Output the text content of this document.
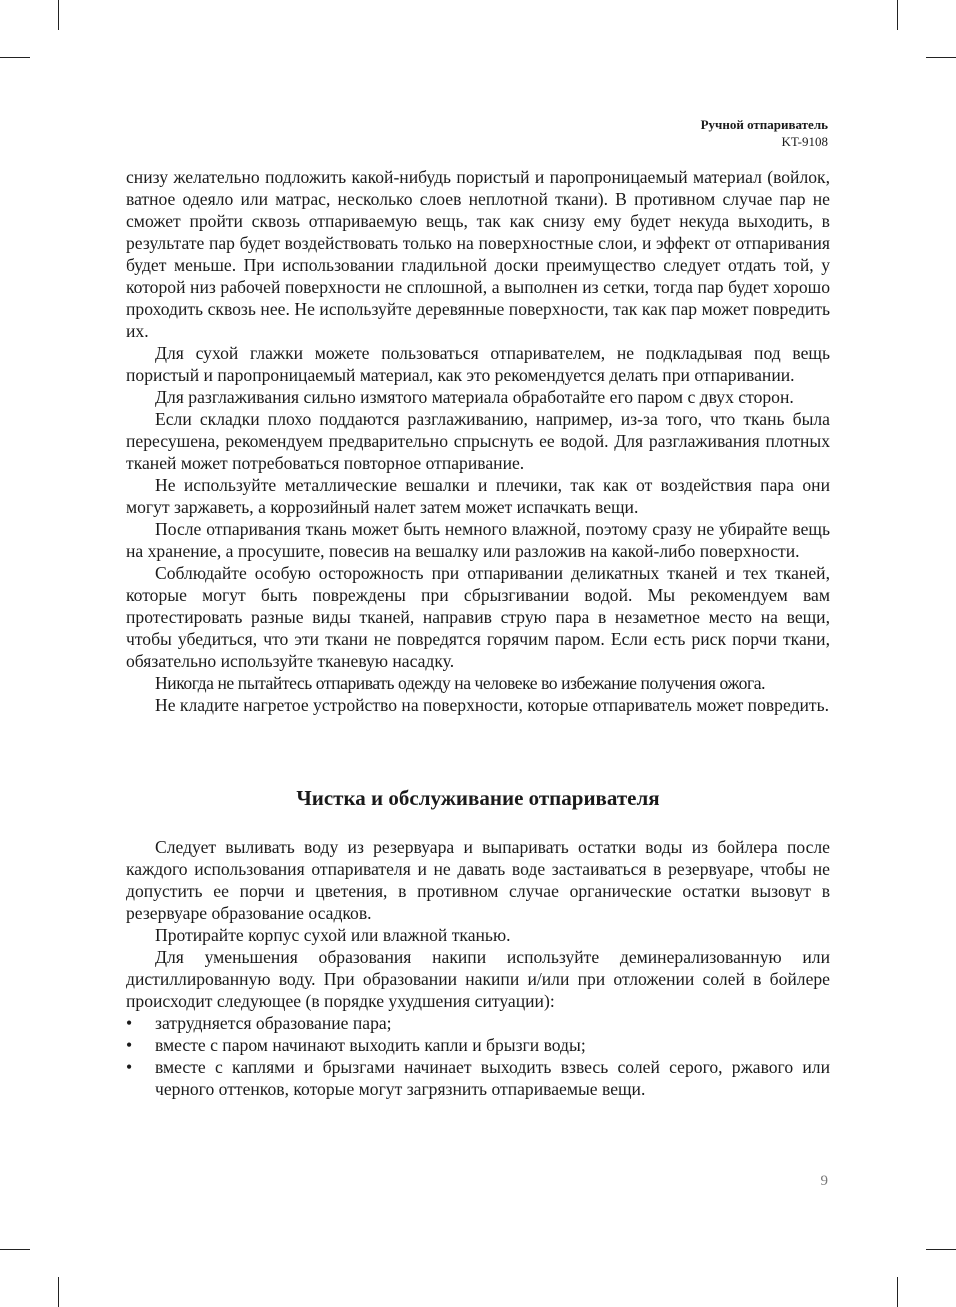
Ручной отпариватель
KT-9108

снизу желательно подложить какой-нибудь пористый и паропроницаемый материал (войлок, ватное одеяло или матрас, несколько слоев неплотной ткани). В противном случае пар не сможет пройти сквозь отпариваемую вещь, так как снизу ему будет некуда выходить, в результате пар будет воздействовать только на поверхностные слои, и эффект от отпаривания будет меньше. При использовании гладильной доски преимущество следует отдать той, у которой низ рабочей поверхности не сплошной, а выполнен из сетки, тогда пар будет хорошо проходить сквозь нее. Не используйте деревянные поверхности, так как пар может повредить их.

Для сухой глажки можете пользоваться отпаривателем, не подкладывая под вещь пористый и паропроницаемый материал, как это рекомендуется делать при отпаривании.

Для разглаживания сильно измятого материала обработайте его паром с двух сторон.

Если складки плохо поддаются разглаживанию, например, из-за того, что ткань была пересушена, рекомендуем предварительно спрыснуть ее водой. Для разглаживания плотных тканей может потребоваться повторное отпаривание.

Не используйте металлические вешалки и плечики, так как от воздействия пара они могут заржаветь, а коррозийный налет затем может испачкать вещи.

После отпаривания ткань может быть немного влажной, поэтому сразу не убирайте вещь на хранение, а просушите, повесив на вешалку или разложив на какой-либо поверхности.

Соблюдайте особую осторожность при отпаривании деликатных тканей и тех тканей, которые могут быть повреждены при сбрызгивании водой. Мы рекомендуем вам протестировать разные виды тканей, направив струю пара в незаметное место на вещи, чтобы убедиться, что эти ткани не повредятся горячим паром. Если есть риск порчи ткани, обязательно используйте тканевую насадку.

Никогда не пытайтесь отпаривать одежду на человеке во избежание получения ожога.

Не кладите нагретое устройство на поверхности, которые отпариватель может повредить.

Чистка и обслуживание отпаривателя

Следует выливать воду из резервуара и выпаривать остатки воды из бойлера после каждого использования отпаривателя и не давать воде застаиваться в резервуаре, чтобы не допустить ее порчи и цветения, в противном случае органические остатки вызовут в резервуаре образование осадков.

Протирайте корпус сухой или влажной тканью.

Для уменьшения образования накипи используйте деминерализованную или дистиллированную воду. При образовании накипи и/или при отложении солей в бойлере происходит следующее (в порядке ухудшения ситуации):

•	затрудняется образование пара;
•	вместе с паром начинают выходить капли и брызги воды;
•	вместе с каплями и брызгами начинает выходить взвесь солей серого, ржавого или черного оттенков, которые могут загрязнить отпариваемые вещи.
9
